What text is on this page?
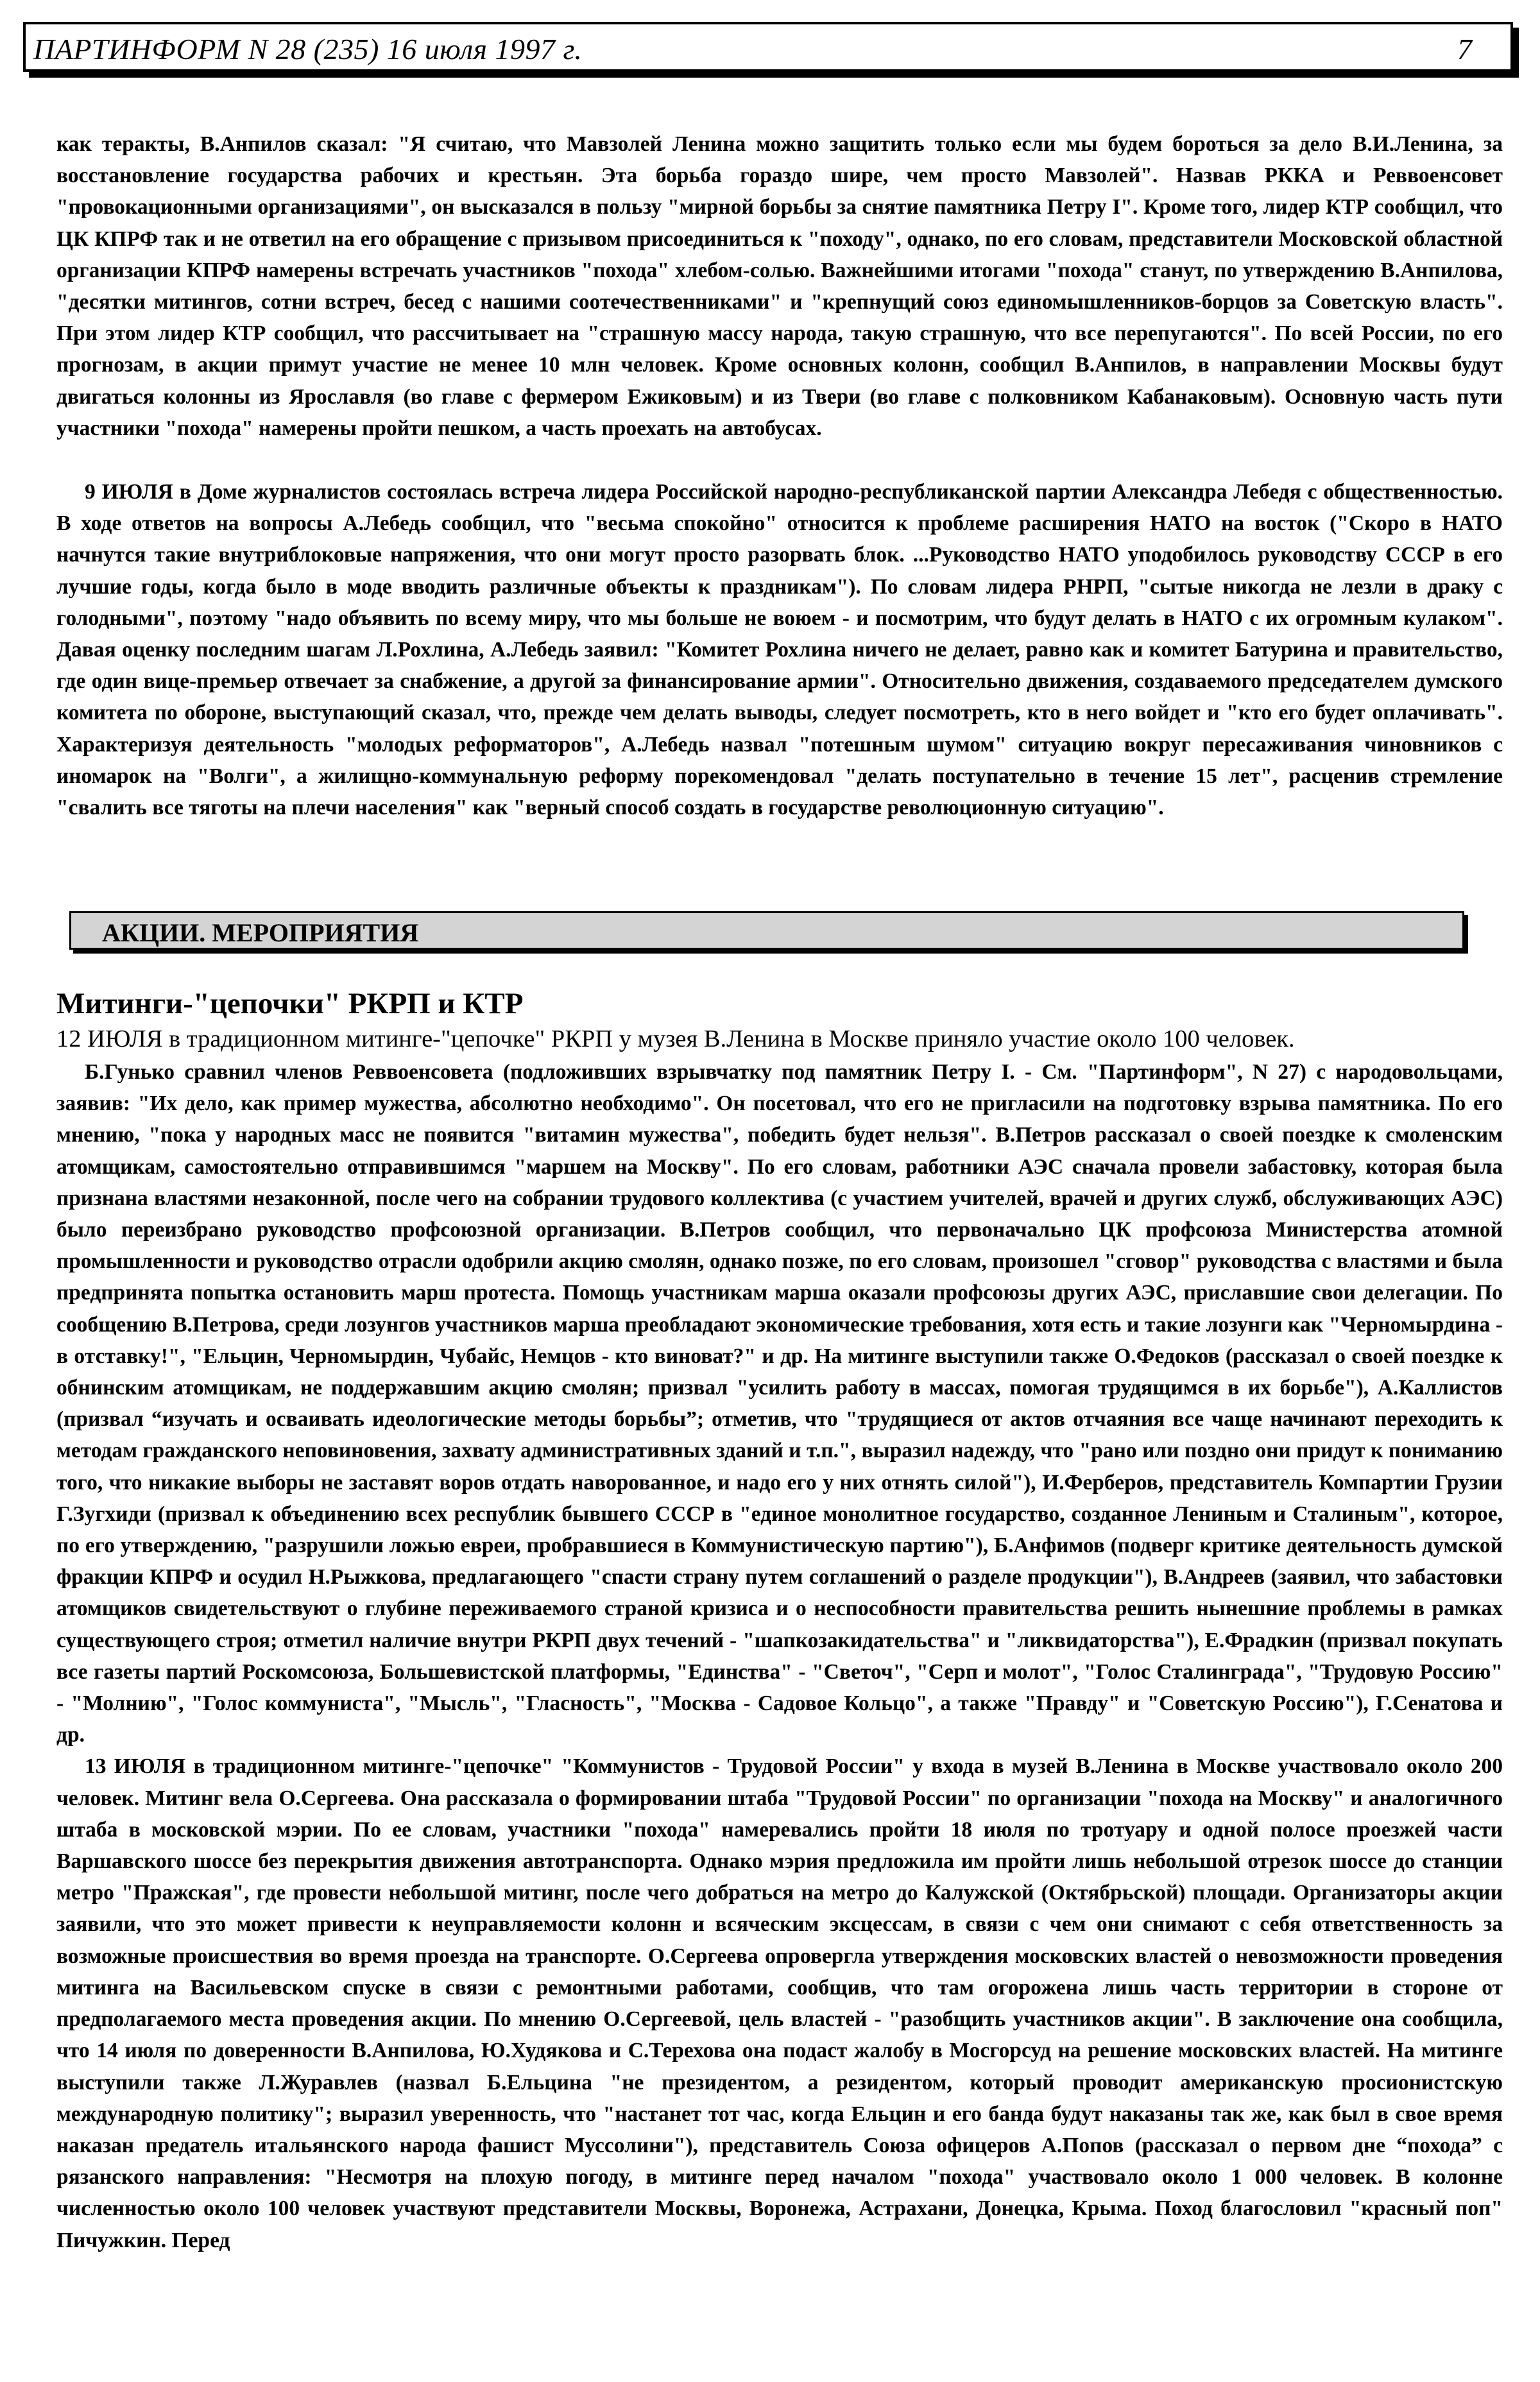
ПАРТИНФОРМ N 28 (235) 16 июля 1997 г.	7

как теракты, В.Анпилов сказал: "Я считаю, что Мавзолей Ленина можно защитить только если мы будем бороться за дело В.И.Ленина, за восстановление государства рабочих и крестьян. Эта борьба гораздо шире, чем просто Мавзолей". Назвав РККА и Реввоенсовет "провокационными организациями", он высказался в пользу "мирной борьбы за снятие памятника Петру I". Кроме того, лидер КТР сообщил, что ЦК КПРФ так и не ответил на его обращение с призывом присоединиться к "походу", однако, по его словам, представители Московской областной организации КПРФ намерены встречать участников "похода" хлебом-солью. Важнейшими итогами "похода" станут, по утверждению В.Анпилова, "десятки митингов, сотни встреч, бесед с нашими соотечественниками" и "крепнущий союз единомышленников-борцов за Советскую власть". При этом лидер КТР сообщил, что рассчитывает на "страшную массу народа, такую страшную, что все перепугаются". По всей России, по его прогнозам, в акции примут участие не менее 10 млн человек. Кроме основных колонн, сообщил В.Анпилов, в направлении Москвы будут двигаться колонны из Ярославля (во главе с фермером Ежиковым) и из Твери (во главе с полковником Кабанаковым). Основную часть пути участники "похода" намерены пройти пешком, а часть проехать на автобусах.

9 ИЮЛЯ в Доме журналистов состоялась встреча лидера Российской народно-республиканской партии Александра Лебедя с общественностью. В ходе ответов на вопросы А.Лебедь сообщил, что "весьма спокойно" относится к проблеме расширения НАТО на восток ("Скоро в НАТО начнутся такие внутриблоковые напряжения, что они могут просто разорвать блок. ...Руководство НАТО уподобилось руководству СССР в его лучшие годы, когда было в моде вводить различные объекты к праздникам"). По словам лидера РНРП, "сытые никогда не лезли в драку с голодными", поэтому "надо объявить по всему миру, что мы больше не воюем - и посмотрим, что будут делать в НАТО с их огромным кулаком". Давая оценку последним шагам Л.Рохлина, А.Лебедь заявил: "Комитет Рохлина ничего не делает, равно как и комитет Батурина и правительство, где один вице-премьер отвечает за снабжение, а другой за финансирование армии". Относительно движения, создаваемого председателем думского комитета по обороне, выступающий сказал, что, прежде чем делать выводы, следует посмотреть, кто в него войдет и "кто его будет оплачивать". Характеризуя деятельность "молодых реформаторов", А.Лебедь назвал "потешным шумом" ситуацию вокруг пересаживания чиновников с иномарок на "Волги", а жилищно-коммунальную реформу порекомендовал "делать поступательно в течение 15 лет", расценив стремление "свалить все тяготы на плечи населения" как "верный способ создать в государстве революционную ситуацию".

АКЦИИ. МЕРОПРИЯТИЯ
Митинги-"цепочки" РКРП и КТР
12 ИЮЛЯ в традиционном митинге-"цепочке" РКРП у музея В.Ленина в Москве приняло участие около 100 человек.

Б.Гунько сравнил членов Реввоенсовета (подложивших взрывчатку под памятник Петру I. - См. "Партинформ", N 27) с народовольцами, заявив: "Их дело, как пример мужества, абсолютно необходимо". Он посетовал, что его не пригласили на подготовку взрыва памятника. По его мнению, "пока у народных масс не появится "витамин мужества", победить будет нельзя". В.Петров рассказал о своей поездке к смоленским атомщикам, самостоятельно отправившимся "маршем на Москву". По его словам, работники АЭС сначала провели забастовку, которая была признана властями незаконной, после чего на собрании трудового коллектива (с участием учителей, врачей и других служб, обслуживающих АЭС) было переизбрано руководство профсоюзной организации. В.Петров сообщил, что первоначально ЦК профсоюза Министерства атомной промышленности и руководство отрасли одобрили акцию смолян, однако позже, по его словам, произошел "сговор" руководства с властями и была предпринята попытка остановить марш протеста. Помощь участникам марша оказали профсоюзы других АЭС, приславшие свои делегации. По сообщению В.Петрова, среди лозунгов участников марша преобладают экономические требования, хотя есть и такие лозунги как "Черномырдина - в отставку!", "Ельцин, Черномырдин, Чубайс, Немцов - кто виноват?" и др. На митинге выступили также О.Федоков (рассказал о своей поездке к обнинским атомщикам, не поддержавшим акцию смолян; призвал "усилить работу в массах, помогая трудящимся в их борьбе"), А.Каллистов (призвал “изучать и осваивать идеологические методы борьбы”; отметив, что "трудящиеся от актов отчаяния все чаще начинают переходить к методам гражданского неповиновения, захвату административных зданий и т.п.", выразил надежду, что "рано или поздно они придут к пониманию того, что никакие выборы не заставят воров отдать наворованное, и надо его у них отнять силой"), И.Ферберов, представитель Компартии Грузии Г.Зугхиди (призвал к объединению всех республик бывшего СССР в "единое монолитное государство, созданное Лениным и Сталиным", которое, по его утверждению, "разрушили ложью евреи, пробравшиеся в Коммунистическую партию"), Б.Анфимов (подверг критике деятельность думской фракции КПРФ и осудил Н.Рыжкова, предлагающего "спасти страну путем соглашений о разделе продукции"), В.Андреев (заявил, что забастовки атомщиков свидетельствуют о глубине переживаемого страной кризиса и о неспособности правительства решить нынешние проблемы в рамках существующего строя; отметил наличие внутри РКРП двух течений - "шапкозакидательства" и "ликвидаторства"), Е.Фрадкин (призвал покупать все газеты партий Роскомсоюза, Большевистской платформы, "Единства" - "Светоч", "Серп и молот", "Голос Сталинграда", "Трудовую Россию" - "Молнию", "Голос коммуниста", "Мысль", "Гласность", "Москва - Садовое Кольцо", а также "Правду" и "Советскую Россию"), Г.Сенатова и др.

13 ИЮЛЯ в традиционном митинге-"цепочке" "Коммунистов - Трудовой России" у входа в музей В.Ленина в Москве участвовало около 200 человек. Митинг вела О.Сергеева. Она рассказала о формировании штаба "Трудовой России" по организации "похода на Москву" и аналогичного штаба в московской мэрии. По ее словам, участники "похода" намеревались пройти 18 июля по тротуару и одной полосе проезжей части Варшавского шоссе без перекрытия движения автотранспорта. Однако мэрия предложила им пройти лишь небольшой отрезок шоссе до станции метро "Пражская", где провести небольшой митинг, после чего добраться на метро до Калужской (Октябрьской) площади. Организаторы акции заявили, что это может привести к неуправляемости колонн и всяческим эксцессам, в связи с чем они снимают с себя ответственность за возможные происшествия во время проезда на транспорте. О.Сергеева опровергла утверждения московских властей о невозможности проведения митинга на Васильевском спуске в связи с ремонтными работами, сообщив, что там огорожена лишь часть территории в стороне от предполагаемого места проведения акции. По мнению О.Сергеевой, цель властей - "разобщить участников акции". В заключение она сообщила, что 14 июля по доверенности В.Анпилова, Ю.Худякова и С.Терехова она подаст жалобу в Мосгорсуд на решение московских властей. На митинге выступили также Л.Журавлев (назвал Б.Ельцина "не президентом, а резидентом, который проводит американскую просионистскую международную политику"; выразил уверенность, что "настанет тот час, когда Ельцин и его банда будут наказаны так же, как был в свое время наказан предатель итальянского народа фашист Муссолини"), представитель Союза офицеров А.Попов (рассказал о первом дне “похода” с рязанского направления: "Несмотря на плохую погоду, в митинге перед началом "похода" участвовало около 1 000 человек. В колонне численностью около 100 человек участвуют представители Москвы, Воронежа, Астрахани, Донецка, Крыма. Поход благословил "красный поп" Пичужкин. Перед
